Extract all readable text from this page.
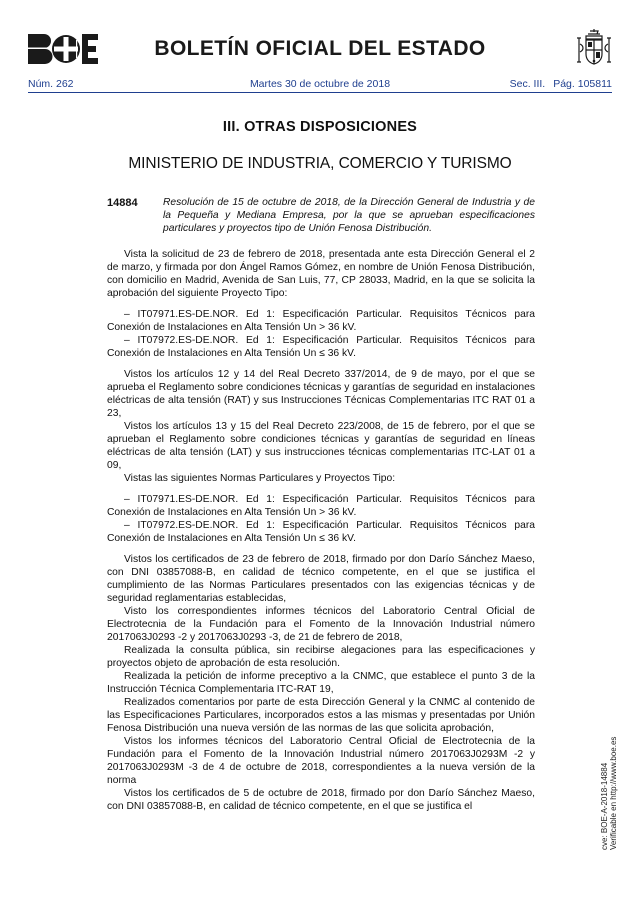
BOLETÍN OFICIAL DEL ESTADO
Núm. 262	Martes 30 de octubre de 2018	Sec. III. Pág. 105811
III. OTRAS DISPOSICIONES
MINISTERIO DE INDUSTRIA, COMERCIO Y TURISMO
14884 Resolución de 15 de octubre de 2018, de la Dirección General de Industria y de la Pequeña y Mediana Empresa, por la que se aprueban especificaciones particulares y proyectos tipo de Unión Fenosa Distribución.

Vista la solicitud de 23 de febrero de 2018, presentada ante esta Dirección General el 2 de marzo, y firmada por don Ángel Ramos Gómez, en nombre de Unión Fenosa Distribución, con domicilio en Madrid, Avenida de San Luis, 77, CP 28033, Madrid, en la que se solicita la aprobación del siguiente Proyecto Tipo:

– IT07971.ES-DE.NOR. Ed 1: Especificación Particular. Requisitos Técnicos para Conexión de Instalaciones en Alta Tensión Un > 36 kV.

– IT07972.ES-DE.NOR. Ed 1: Especificación Particular. Requisitos Técnicos para Conexión de Instalaciones en Alta Tensión Un ≤ 36 kV.

Vistos los artículos 12 y 14 del Real Decreto 337/2014, de 9 de mayo, por el que se aprueba el Reglamento sobre condiciones técnicas y garantías de seguridad en instalaciones eléctricas de alta tensión (RAT) y sus Instrucciones Técnicas Complementarias ITC RAT 01 a 23,

Vistos los artículos 13 y 15 del Real Decreto 223/2008, de 15 de febrero, por el que se aprueban el Reglamento sobre condiciones técnicas y garantías de seguridad en líneas eléctricas de alta tensión (LAT) y sus instrucciones técnicas complementarias ITC-LAT 01 a 09,

Vistas las siguientes Normas Particulares y Proyectos Tipo:

– IT07971.ES-DE.NOR. Ed 1: Especificación Particular. Requisitos Técnicos para Conexión de Instalaciones en Alta Tensión Un > 36 kV.

– IT07972.ES-DE.NOR. Ed 1: Especificación Particular. Requisitos Técnicos para Conexión de Instalaciones en Alta Tensión Un ≤ 36 kV.

Vistos los certificados de 23 de febrero de 2018, firmado por don Darío Sánchez Maeso, con DNI 03857088-B, en calidad de técnico competente, en el que se justifica el cumplimiento de las Normas Particulares presentados con las exigencias técnicas y de seguridad reglamentarias establecidas,

Visto los correspondientes informes técnicos del Laboratorio Central Oficial de Electrotecnia de la Fundación para el Fomento de la Innovación Industrial número 2017063J0293 -2 y 2017063J0293 -3, de 21 de febrero de 2018,

Realizada la consulta pública, sin recibirse alegaciones para las especificaciones y proyectos objeto de aprobación de esta resolución.

Realizada la petición de informe preceptivo a la CNMC, que establece el punto 3 de la Instrucción Técnica Complementaria ITC-RAT 19,

Realizados comentarios por parte de esta Dirección General y la CNMC al contenido de las Especificaciones Particulares, incorporados estos a las mismas y presentadas por Unión Fenosa Distribución una nueva versión de las normas de las que solicita aprobación,

Vistos los informes técnicos del Laboratorio Central Oficial de Electrotecnia de la Fundación para el Fomento de la Innovación Industrial número 2017063J0293M -2 y 2017063J0293M -3 de 4 de octubre de 2018, correspondientes a la nueva versión de la norma

Vistos los certificados de 5 de octubre de 2018, firmado por don Darío Sánchez Maeso, con DNI 03857088-B, en calidad de técnico competente, en el que se justifica el	cve: BOE-A-2018-14884
Verificable en http://www.boe.es
